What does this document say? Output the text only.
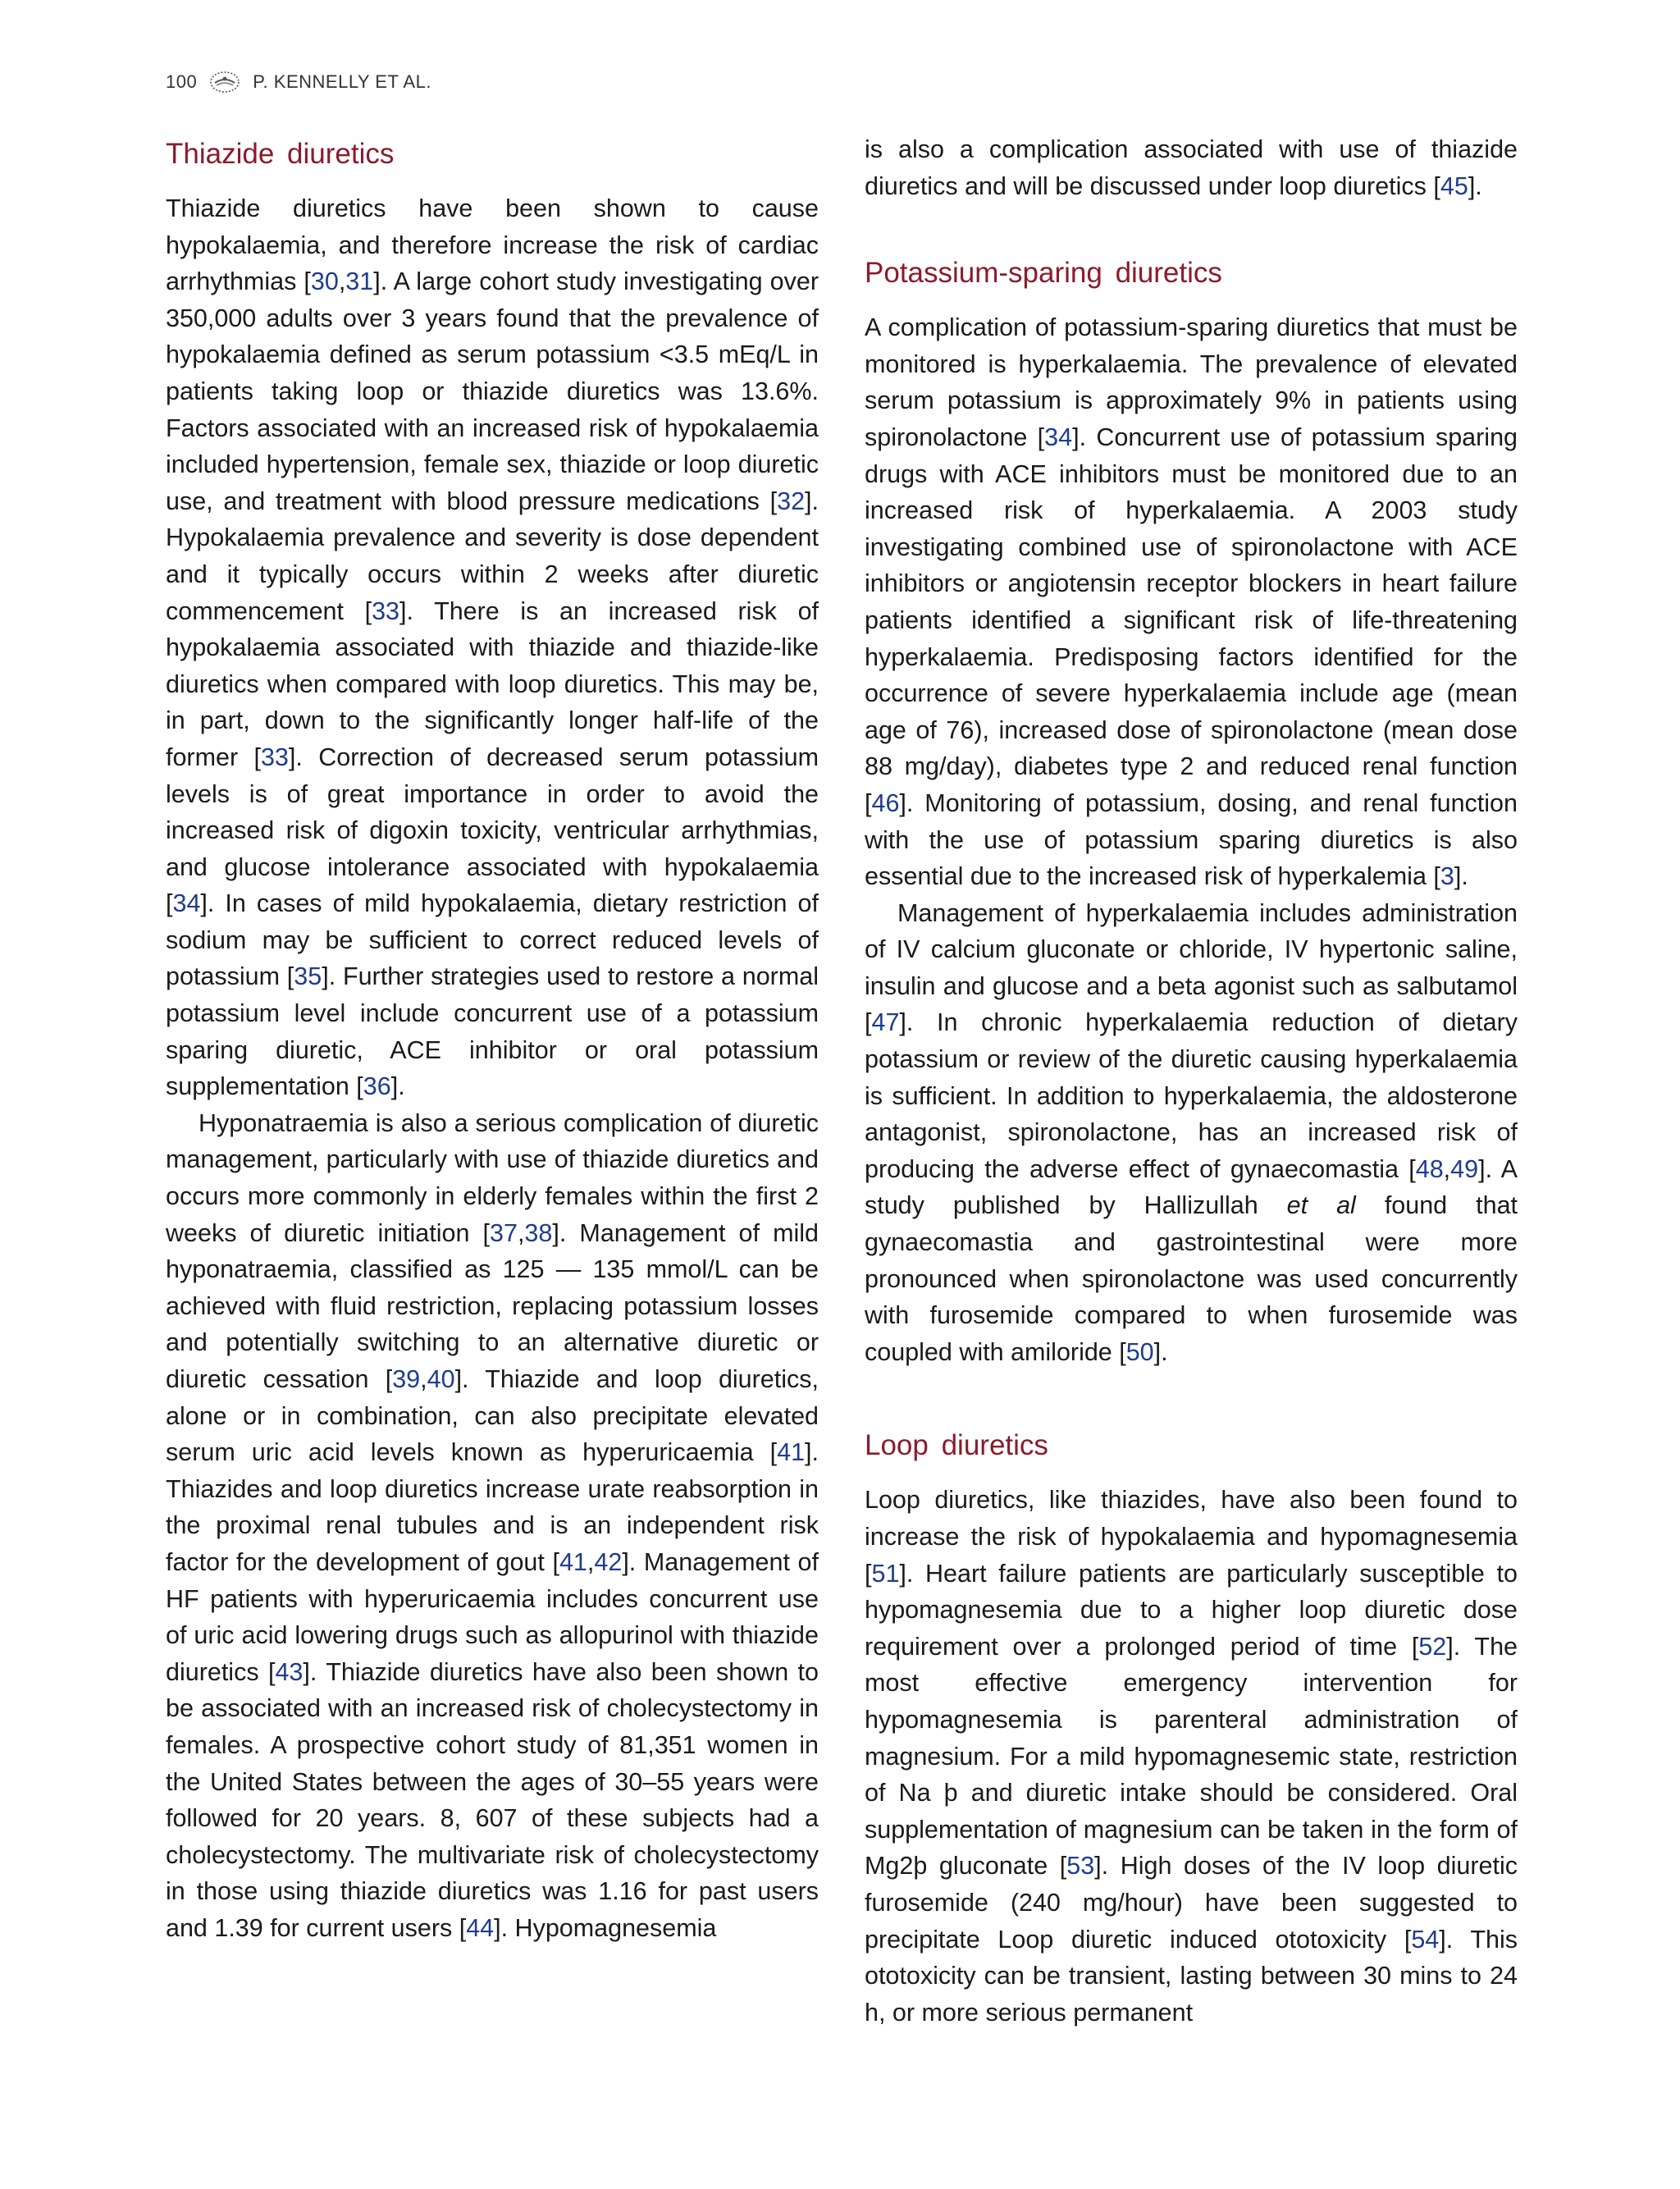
100	P. KENNELLY ET AL.
Thiazide diuretics

Thiazide diuretics have been shown to cause hypokalaemia, and therefore increase the risk of cardiac arrhythmias [30,31]. A large cohort study investigating over 350,000 adults over 3 years found that the prevalence of hypokalaemia defined as serum potassium <3.5 mEq/L in patients taking loop or thiazide diuretics was 13.6%. Factors associated with an increased risk of hypokalaemia included hypertension, female sex, thiazide or loop diuretic use, and treatment with blood pressure medications [32]. Hypokalaemia prevalence and severity is dose dependent and it typically occurs within 2 weeks after diuretic commencement [33]. There is an increased risk of hypokalaemia associated with thiazide and thiazide-like diuretics when compared with loop diuretics. This may be, in part, down to the significantly longer half-life of the former [33]. Correction of decreased serum potassium levels is of great importance in order to avoid the increased risk of digoxin toxicity, ventricular arrhythmias, and glucose intolerance associated with hypokalaemia [34]. In cases of mild hypokalaemia, dietary restriction of sodium may be sufficient to correct reduced levels of potassium [35]. Further strategies used to restore a normal potassium level include concurrent use of a potassium sparing diuretic, ACE inhibitor or oral potassium supplementation [36].

Hyponatraemia is also a serious complication of diuretic management, particularly with use of thiazide diuretics and occurs more commonly in elderly females within the first 2 weeks of diuretic initiation [37,38]. Management of mild hyponatraemia, classified as 125 — 135 mmol/L can be achieved with fluid restriction, replacing potassium losses and potentially switching to an alternative diuretic or diuretic cessation [39,40]. Thiazide and loop diuretics, alone or in combination, can also precipitate elevated serum uric acid levels known as hyperuricaemia [41]. Thiazides and loop diuretics increase urate reabsorption in the proximal renal tubules and is an independent risk factor for the development of gout [41,42]. Management of HF patients with hyperuricaemia includes concurrent use of uric acid lowering drugs such as allopurinol with thiazide diuretics [43]. Thiazide diuretics have also been shown to be associated with an increased risk of cholecystectomy in females. A prospective cohort study of 81,351 women in the United States between the ages of 30–55 years were followed for 20 years. 8, 607 of these subjects had a cholecystectomy. The multivariate risk of cholecystectomy in those using thiazide diuretics was 1.16 for past users and 1.39 for current users [44]. Hypomagnesemia

is also a complication associated with use of thiazide diuretics and will be discussed under loop diuretics [45].

Potassium-sparing diuretics

A complication of potassium-sparing diuretics that must be monitored is hyperkalaemia. The prevalence of elevated serum potassium is approximately 9% in patients using spironolactone [34]. Concurrent use of potassium sparing drugs with ACE inhibitors must be monitored due to an increased risk of hyperkalaemia. A 2003 study investigating combined use of spironolactone with ACE inhibitors or angiotensin receptor blockers in heart failure patients identified a significant risk of life-threatening hyperkalaemia. Predisposing factors identified for the occurrence of severe hyperkalaemia include age (mean age of 76), increased dose of spironolactone (mean dose 88 mg/day), diabetes type 2 and reduced renal function [46]. Monitoring of potassium, dosing, and renal function with the use of potassium sparing diuretics is also essential due to the increased risk of hyperkalemia [3].

Management of hyperkalaemia includes administration of IV calcium gluconate or chloride, IV hypertonic saline, insulin and glucose and a beta agonist such as salbutamol [47]. In chronic hyperkalaemia reduction of dietary potassium or review of the diuretic causing hyperkalaemia is sufficient. In addition to hyperkalaemia, the aldosterone antagonist, spironolactone, has an increased risk of producing the adverse effect of gynaecomastia [48,49]. A study published by Hallizullah et al found that gynaecomastia and gastrointestinal were more pronounced when spironolactone was used concurrently with furosemide compared to when furosemide was coupled with amiloride [50].

Loop diuretics

Loop diuretics, like thiazides, have also been found to increase the risk of hypokalaemia and hypomagnesemia [51]. Heart failure patients are particularly susceptible to hypomagnesemia due to a higher loop diuretic dose requirement over a prolonged period of time [52]. The most effective emergency intervention for hypomagnesemia is parenteral administration of magnesium. For a mild hypomagnesemic state, restriction of Na þ and diuretic intake should be considered. Oral supplementation of magnesium can be taken in the form of Mg2þ gluconate [53]. High doses of the IV loop diuretic furosemide (240 mg/hour) have been suggested to precipitate Loop diuretic induced ototoxicity [54]. This ototoxicity can be transient, lasting between 30 mins to 24 h, or more serious permanent
